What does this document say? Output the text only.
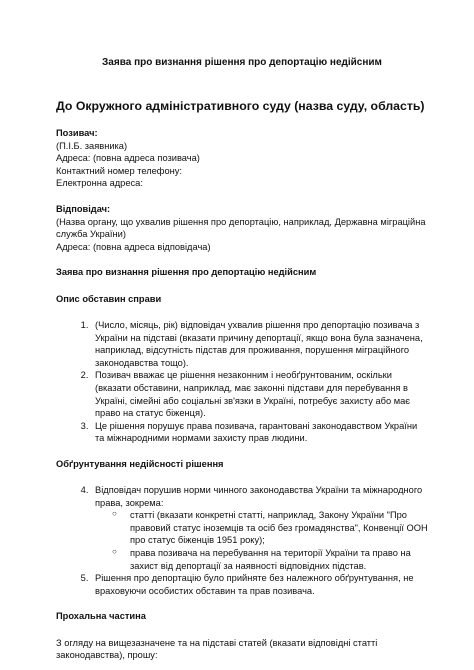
Заява про визнання рішення про депортацію недійсним

До Окружного адміністративного суду (назва суду, область)

Позивач:

(П.І.Б. заявника)

Адреса: (повна адреса позивача)

Контактний номер телефону:

Електронна адреса:

Відповідач:

(Назва органу, що ухвалив рішення про депортацію, наприклад, Державна міграційна служба України)

Адреса: (повна адреса відповідача)

Заява про визнання рішення про депортацію недійсним

Опис обставин справи

1. (Число, місяць, рік) відповідач ухвалив рішення про депортацію позивача з України на підставі (вказати причину депортації, якщо вона була зазначена, наприклад, відсутність підстав для проживання, порушення міграційного законодавства тощо).
2. Позивач вважає це рішення незаконним і необґрунтованим, оскільки (вказати обставини, наприклад, має законні підстави для перебування в Україні, сімейні або соціальні зв'язки в Україні, потребує захисту або має право на статус біженця).
3. Це рішення порушує права позивача, гарантовані законодавством України та міжнародними нормами захисту прав людини.

Обґрунтування недійсності рішення

4. Відповідач порушив норми чинного законодавства України та міжнародного права, зокрема:
○ статті (вказати конкретні статті, наприклад, Закону України "Про правовий статус іноземців та осіб без громадянства", Конвенції ООН про статус біженців 1951 року);
○ права позивача на перебування на території України та право на захист від депортації за наявності відповідних підстав.
5. Рішення про депортацію було прийняте без належного обґрунтування, не враховуючи особистих обставин та прав позивача.

Прохальна частина

З огляду на вищезазначене та на підставі статей (вказати відповідні статті законодавства), прошу:
